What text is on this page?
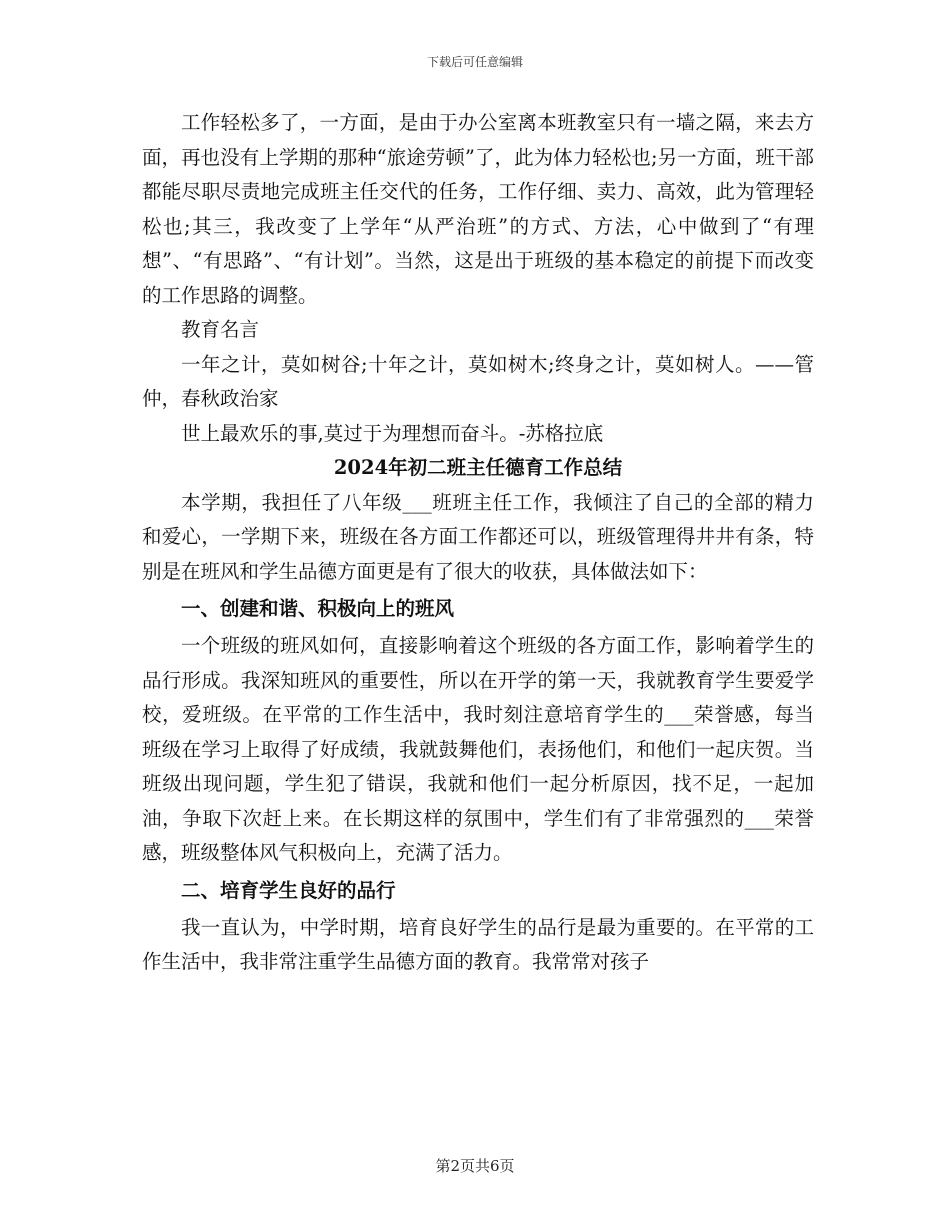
下载后可任意编辑

工作轻松多了，一方面，是由于办公室离本班教室只有一墙之隔，来去方面，再也没有上学期的那种“旅途劳顿”了，此为体力轻松也;另一方面，班干部都能尽职尽责地完成班主任交代的任务，工作仔细、卖力、高效，此为管理轻松也;其三，我改变了上学年“从严治班”的方式、方法，心中做到了“有理想”、“有思路”、“有计划”。当然，这是出于班级的基本稳定的前提下而改变的工作思路的调整。

教育名言

一年之计，莫如树谷;十年之计，莫如树木;终身之计，莫如树人。——管仲，春秋政治家

世上最欢乐的事,莫过于为理想而奋斗。-苏格拉底

2024年初二班主任德育工作总结

本学期，我担任了八年级___班班主任工作，我倾注了自己的全部的精力和爱心，一学期下来，班级在各方面工作都还可以，班级管理得井井有条，特别是在班风和学生品德方面更是有了很大的收获，具体做法如下：

一、创建和谐、积极向上的班风

一个班级的班风如何，直接影响着这个班级的各方面工作，影响着学生的品行形成。我深知班风的重要性，所以在开学的第一天，我就教育学生要爱学校，爱班级。在平常的工作生活中，我时刻注意培育学生的___荣誉感，每当班级在学习上取得了好成绩，我就鼓舞他们，表扬他们，和他们一起庆贺。当班级出现问题，学生犯了错误，我就和他们一起分析原因，找不足，一起加油，争取下次赶上来。在长期这样的氛围中，学生们有了非常强烈的___荣誉感，班级整体风气积极向上，充满了活力。

二、培育学生良好的品行

我一直认为，中学时期，培育良好学生的品行是最为重要的。在平常的工作生活中，我非常注重学生品德方面的教育。我常常对孩子

第2页共6页
